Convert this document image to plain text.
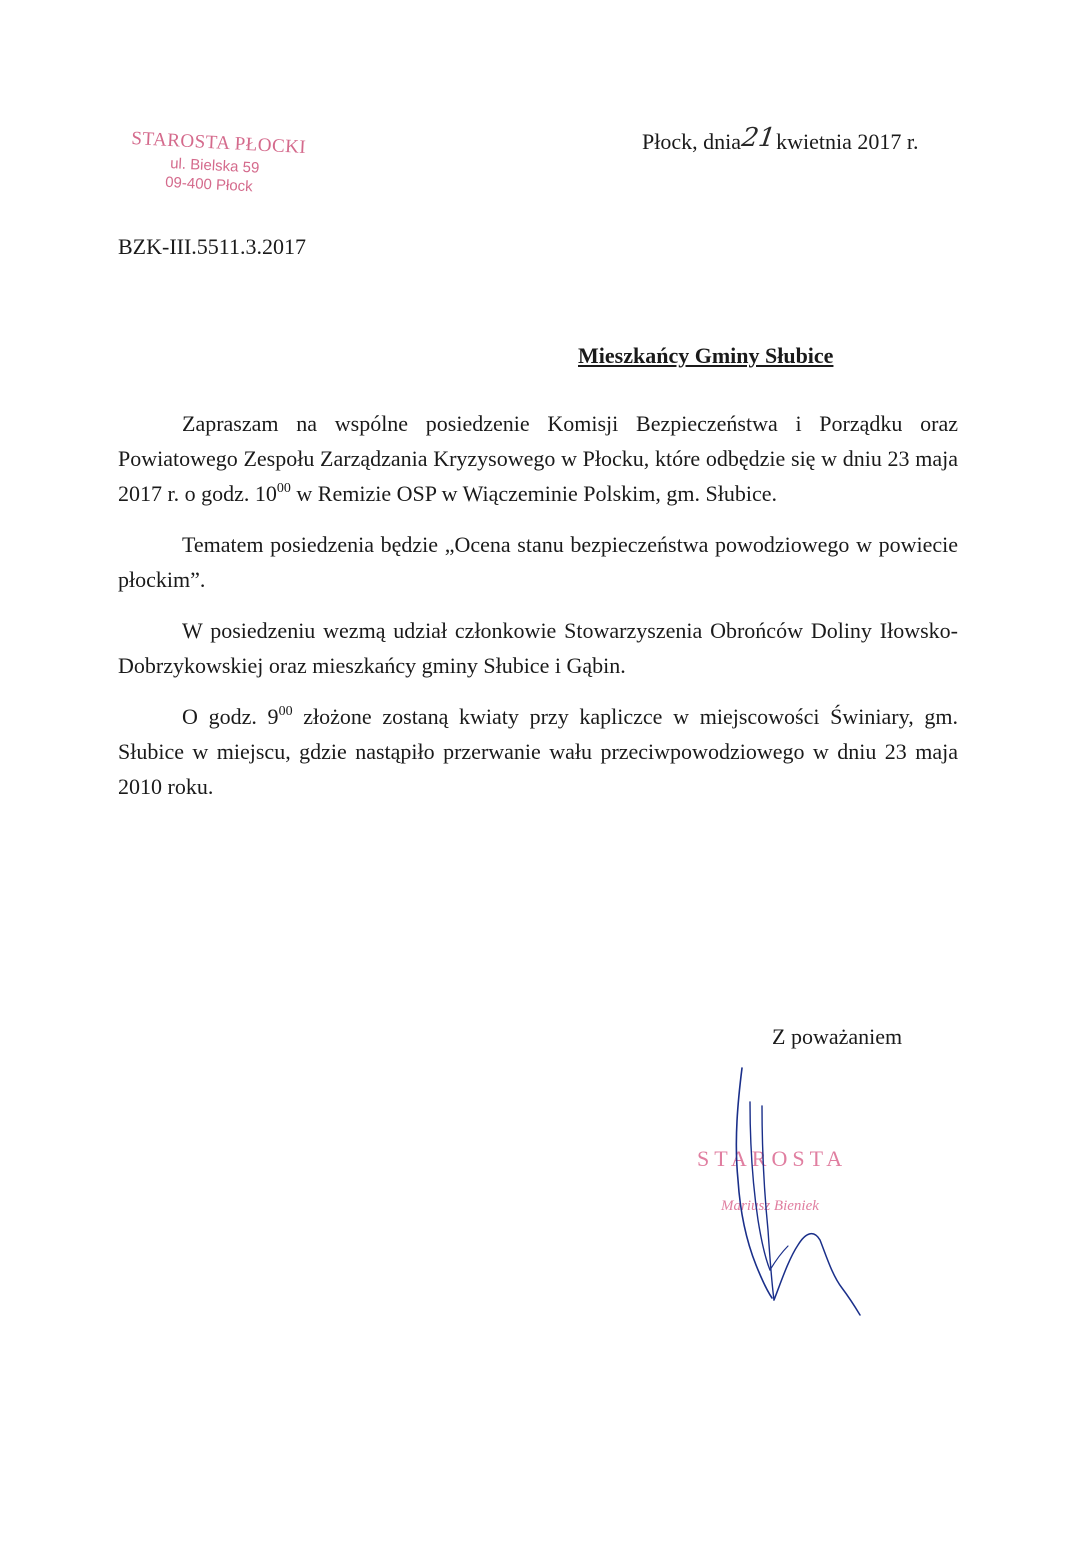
STAROSTA PŁOCKI
ul. Bielska 59
09-400 Płock
Płock, dnia21kwietnia 2017 r.
BZK-III.5511.3.2017
Mieszkańcy Gminy Słubice

Zapraszam na wspólne posiedzenie Komisji Bezpieczeństwa i Porządku oraz Powiatowego Zespołu Zarządzania Kryzysowego w Płocku, które odbędzie się w dniu 23 maja 2017 r. o godz. $10^{00}$ w Remizie OSP w Wiączeminie Polskim, gm. Słubice.

Tematem posiedzenia będzie „Ocena stanu bezpieczeństwa powodziowego w powiecie płockim”.

W posiedzeniu wezmą udział członkowie Stowarzyszenia Obrońców Doliny Iłowsko-Dobrzykowskiej oraz mieszkańcy gminy Słubice i Gąbin.

O godz. $9^{00}$ złożone zostaną kwiaty przy kapliczce w miejscowości Świniary, gm. Słubice w miejscu, gdzie nastąpiło przerwanie wału przeciwpowodziowego w dniu 23 maja 2010 roku.

Z poważaniem
STAROSTA
Mariusz Bieniek
